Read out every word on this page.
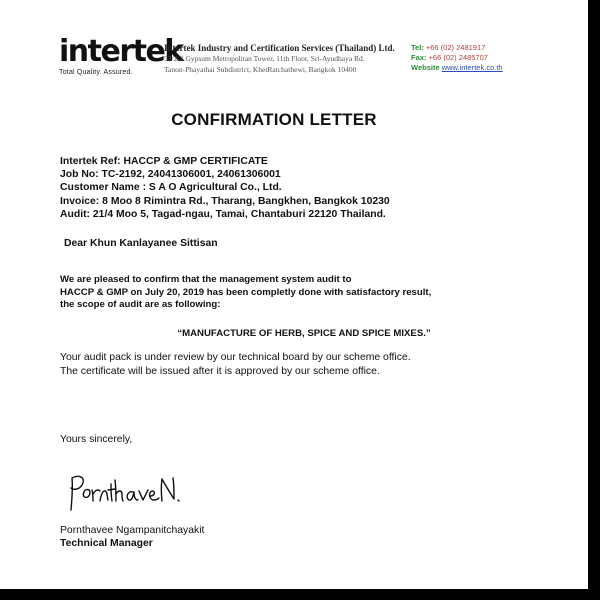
intertek
Total Quality. Assured.
Intertek Industry and Certification Services (Thailand) Ltd.
53/2-2 Gypsum Metropolitan Tower, 11th Floor, Sri-Ayudhaya Rd.
Tanon-Phayathai Subdistrict, KhetRatchathewi, Bangkok 10400
Tel: +66 (02) 2481917
Fax: +66 (02) 2485707
Website www.intertek.co.th
CONFIRMATION LETTER
Intertek Ref: HACCP & GMP CERTIFICATE
Job No: TC-2192, 24041306001, 24061306001
Customer Name : S A O Agricultural Co., Ltd.
Invoice: 8 Moo 8 Rimintra Rd., Tharang, Bangkhen, Bangkok 10230
Audit: 21/4 Moo 5, Tagad-ngau, Tamai, Chantaburi 22120 Thailand.
Dear Khun Kanlayanee Sittisan
We are pleased to confirm that the management system audit to
HACCP & GMP on July 20, 2019 has been completly done with satisfactory result,
the scope of audit are as following:
“MANUFACTURE OF HERB, SPICE AND SPICE MIXES.”
Your audit pack is under review by our technical board by our scheme office.
The certificate will be issued after it is approved by our scheme office.
Yours sincerely,
Pornthavee Ngampanitchayakit
Technical Manager
